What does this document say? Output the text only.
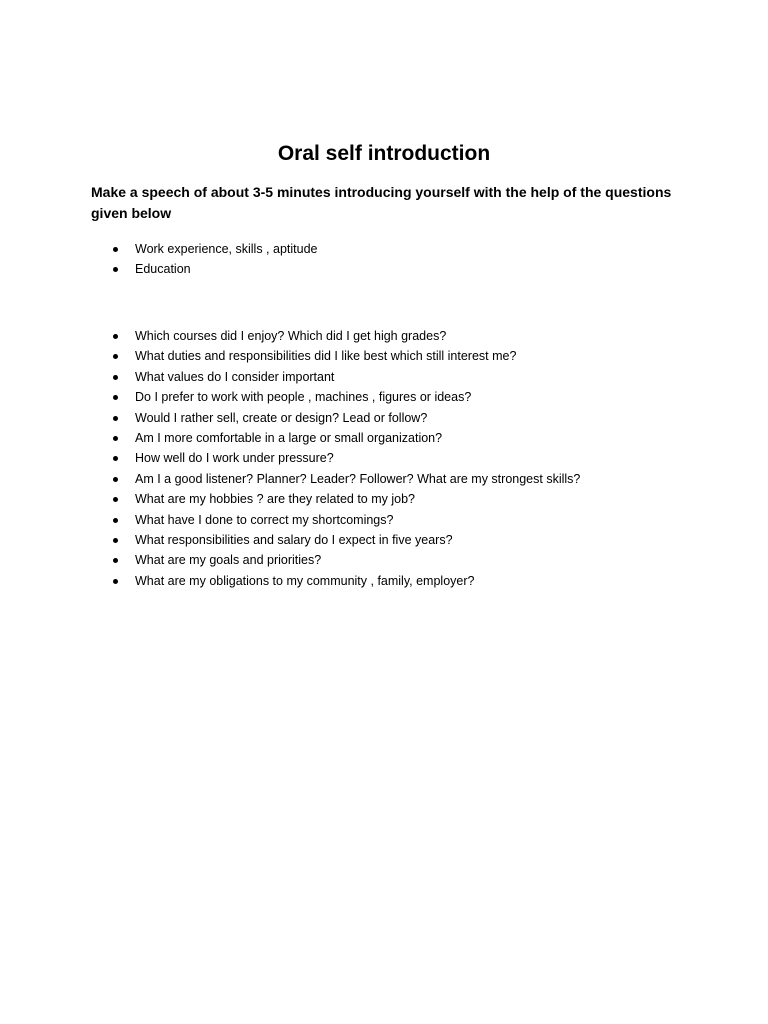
Oral self introduction

Make a speech of about 3-5 minutes introducing yourself with the help of the questions given below

Work experience, skills , aptitude
Education
Which courses did I enjoy? Which did I get high grades?
What duties and responsibilities did I like best which still interest me?
What values do I consider important
Do I prefer to work with people , machines , figures or ideas?
Would I rather sell, create or design? Lead or follow?
Am I more comfortable in a large or small organization?
How well do I work under pressure?
Am I a good listener? Planner? Leader? Follower? What are my strongest skills?
What are my hobbies ? are they related to my job?
What have I done to correct my shortcomings?
What responsibilities and salary do I expect in five years?
What are my goals and priorities?
What are my obligations to my community , family, employer?
